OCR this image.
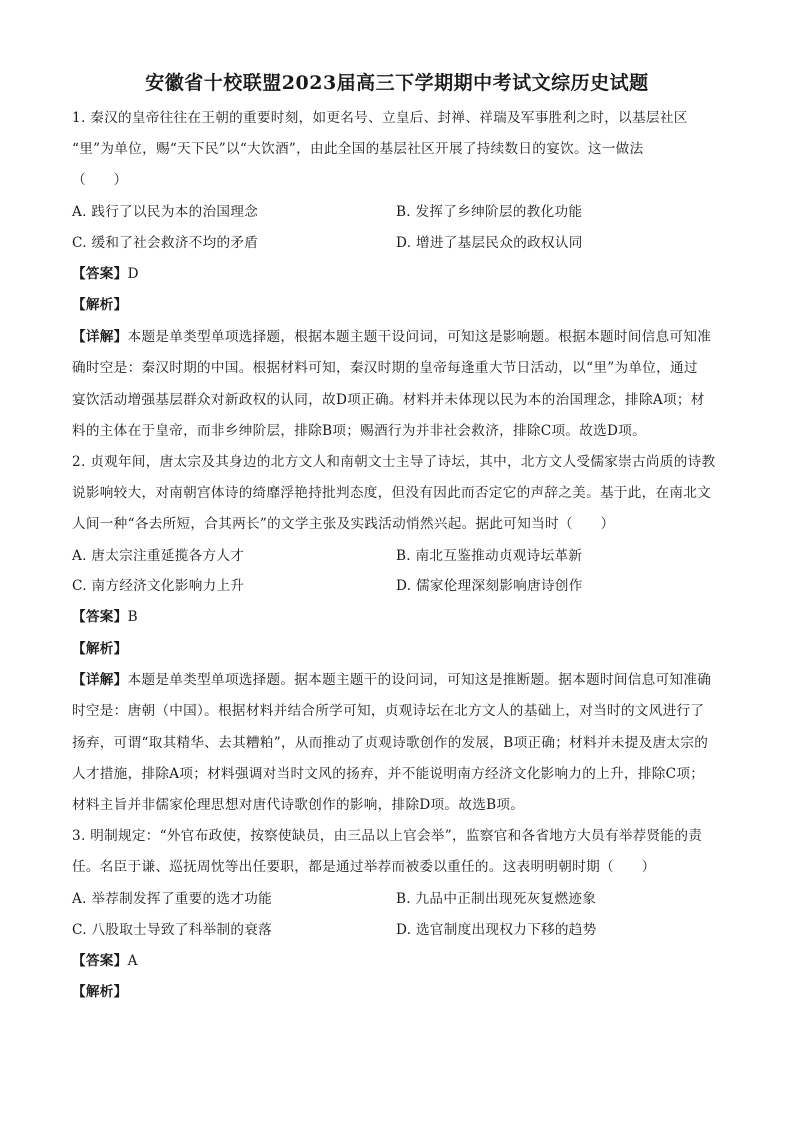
安徽省十校联盟2023届高三下学期期中考试文综历史试题
1. 秦汉的皇帝往往在王朝的重要时刻，如更名号、立皇后、封禅、祥瑞及军事胜利之时，以基层社区
“里”为单位，赐“天下民”以“大饮酒”，由此全国的基层社区开展了持续数日的宴饮。这一做法
（　　）
A. 践行了以民为本的治国理念	B. 发挥了乡绅阶层的教化功能
C. 缓和了社会救济不均的矛盾	D. 增进了基层民众的政权认同
【答案】D
【解析】
【详解】本题是单类型单项选择题，根据本题主题干设问词，可知这是影响题。根据本题时间信息可知准
确时空是：秦汉时期的中国。根据材料可知，秦汉时期的皇帝每逢重大节日活动，以“里”为单位，通过
宴饮活动增强基层群众对新政权的认同，故D项正确。材料并未体现以民为本的治国理念，排除A项；材
料的主体在于皇帝，而非乡绅阶层，排除B项；赐酒行为并非社会救济，排除C项。故选D项。
2. 贞观年间，唐太宗及其身边的北方文人和南朝文士主导了诗坛，其中，北方文人受儒家崇古尚质的诗教
说影响较大，对南朝宫体诗的绮靡浮艳持批判态度，但没有因此而否定它的声辞之美。基于此，在南北文
人间一种“各去所短，合其两长”的文学主张及实践活动悄然兴起。据此可知当时（　　）
A. 唐太宗注重延揽各方人才	B. 南北互鉴推动贞观诗坛革新
C. 南方经济文化影响力上升	D. 儒家伦理深刻影响唐诗创作
【答案】B
【解析】
【详解】本题是单类型单项选择题。据本题主题干的设问词，可知这是推断题。据本题时间信息可知准确
时空是：唐朝（中国）。根据材料并结合所学可知，贞观诗坛在北方文人的基础上，对当时的文风进行了
扬弃，可谓“取其精华、去其糟粕”，从而推动了贞观诗歌创作的发展，B项正确；材料并未提及唐太宗的
人才措施，排除A项；材料强调对当时文风的扬弃，并不能说明南方经济文化影响力的上升，排除C项；
材料主旨并非儒家伦理思想对唐代诗歌创作的影响，排除D项。故选B项。
3. 明制规定：“外官布政使，按察使缺员，由三品以上官会举”，监察官和各省地方大员有举荐贤能的责
任。名臣于谦、巡抚周忱等出任要职，都是通过举荐而被委以重任的。这表明明朝时期（　　）
A. 举荐制发挥了重要的选才功能	B. 九品中正制出现死灰复燃迹象
C. 八股取士导致了科举制的衰落	D. 选官制度出现权力下移的趋势
【答案】A
【解析】
